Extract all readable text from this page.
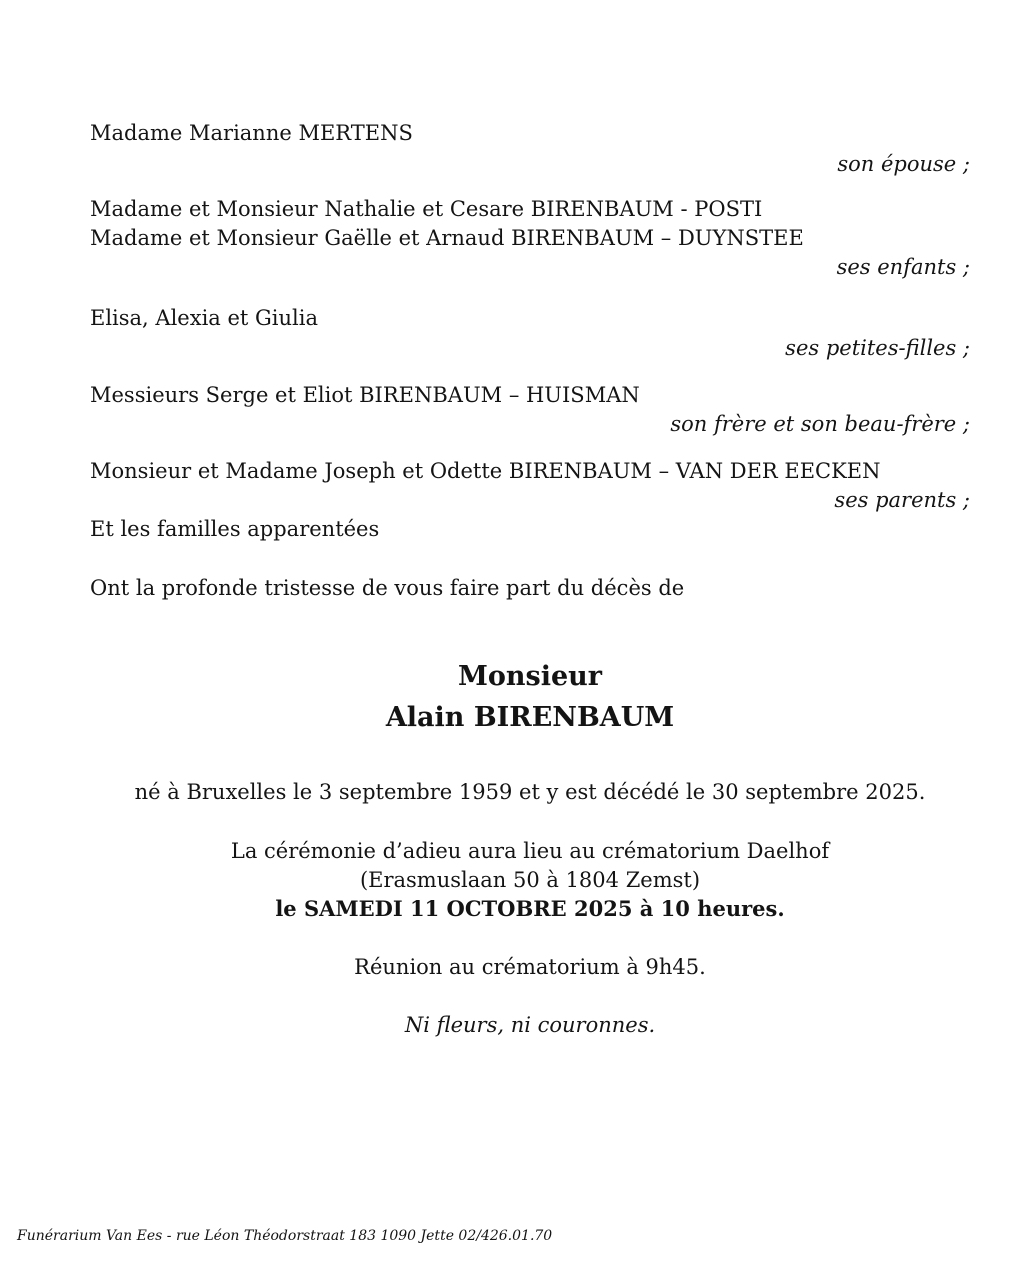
Madame Marianne MERTENS
son épouse ;
Madame et Monsieur Nathalie et Cesare BIRENBAUM - POSTI
Madame et Monsieur Gaëlle et Arnaud BIRENBAUM – DUYNSTEE
ses enfants ;
Elisa, Alexia et Giulia
ses petites-filles ;
Messieurs Serge et Eliot BIRENBAUM – HUISMAN
son frère et son beau-frère ;
Monsieur et Madame Joseph et Odette BIRENBAUM – VAN DER EECKEN
ses parents ;
Et les familles apparentées
Ont la profonde tristesse de vous faire part du décès de
Monsieur
Alain BIRENBAUM
né à Bruxelles le 3 septembre 1959 et y est décédé le 30 septembre 2025.
La cérémonie d’adieu aura lieu au crématorium Daelhof
(Erasmuslaan 50 à 1804 Zemst)
le SAMEDI 11 OCTOBRE 2025 à 10 heures.
Réunion au crématorium à 9h45.
Ni fleurs, ni couronnes.
Funérarium Van Ees - rue Léon Théodorstraat 183 1090 Jette 02/426.01.70
